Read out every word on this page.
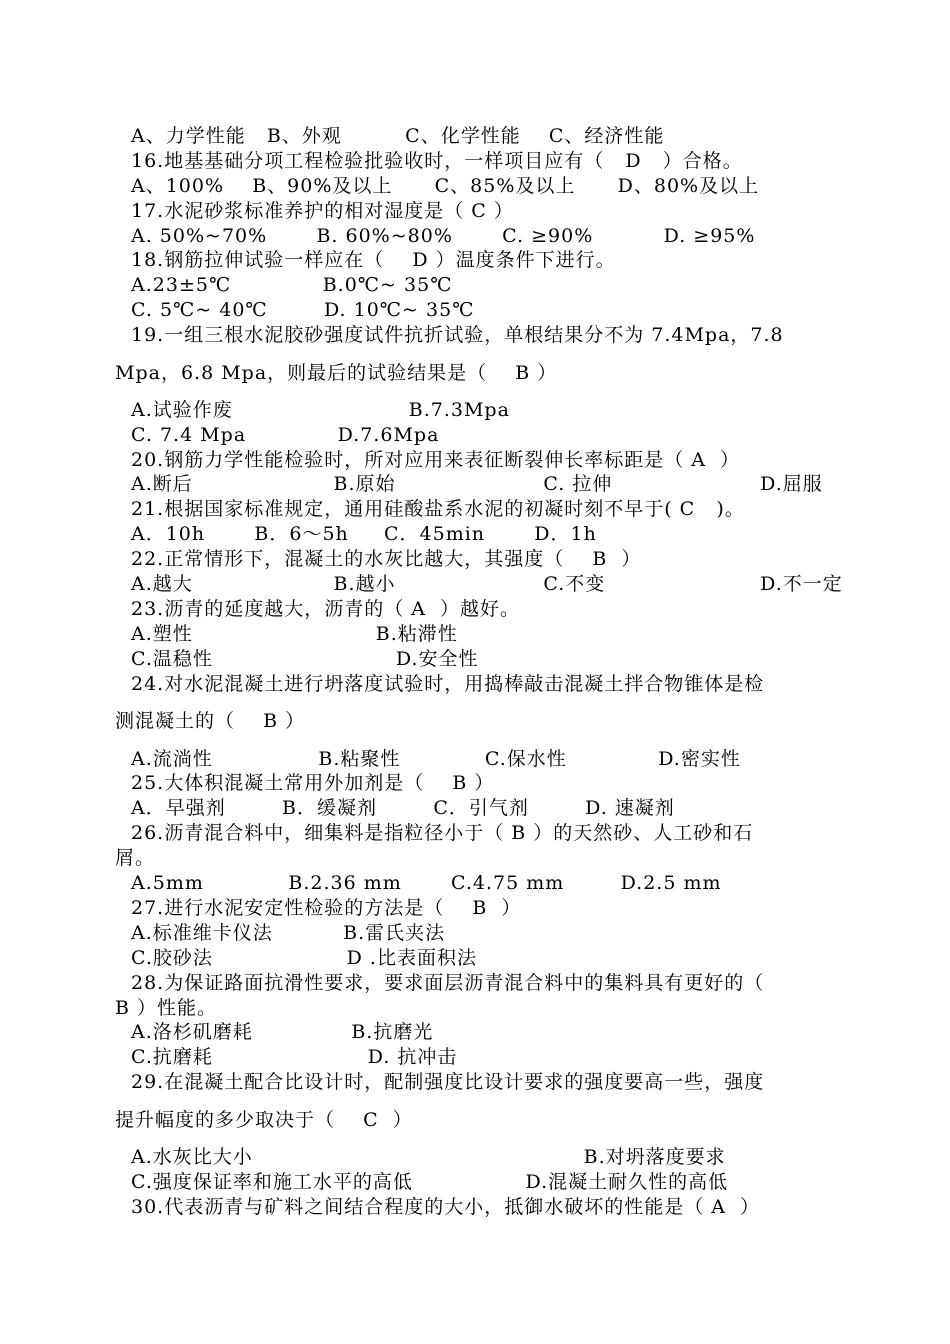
A、力学性能   B、外观         C、化学性能    C、经济性能
16.地基基础分项工程检验批验收时，一样项目应有（   D   ）合格。
A、100%    B、90%及以上      C、85%及以上      D、80%及以上
17.水泥砂浆标准养护的相对湿度是（ C ）
A. 50%~70%       B. 60%~80%       C. ≥90%          D. ≥95%
18.钢筋拉伸试验一样应在（    D ）温度条件下进行。
A.23±5℃             B.0℃~ 35℃
C. 5℃~ 40℃        D. 10℃~ 35℃
19.一组三根水泥胶砂强度试件抗折试验，单根结果分不为 7.4Mpa，7.8
Mpa，6.8 Mpa，则最后的试验结果是（    B ）
A.试验作废                         B.7.3Mpa
C. 7.4 Mpa             D.7.6Mpa
20.钢筋力学性能检验时，所对应用来表征断裂伸长率标距是（ A  ）
A.断后                    B.原始                     C. 拉伸                     D.屈服
21.根据国家标准规定，通用硅酸盐系水泥的初凝时刻不早于( C   )。
A．10h       B．6～5h     C．45min       D．1h
22.正常情形下，混凝土的水灰比越大，其强度（    B  ）
A.越大                    B.越小                     C.不变                      D.不一定
23.沥青的延度越大，沥青的（ A  ）越好。
A.塑性                          B.粘滞性
C.温稳性                          D.安全性
24.对水泥混凝土进行坍落度试验时，用捣棒敲击混凝土拌合物锥体是检
测混凝土的（    B ）
A.流淌性               B.粘聚性            C.保水性             D.密实性
25.大体积混凝土常用外加剂是（    B ）
A．早强剂        B．缓凝剂        C．引气剂        D. 速凝剂
26.沥青混合料中，细集料是指粒径小于（ B ）的天然砂、人工砂和石
屑。
A.5mm            B.2.36 mm       C.4.75 mm        D.2.5 mm
27.进行水泥安定性检验的方法是（    B  ）
A.标准维卡仪法          B.雷氏夹法
C.胶砂法                   D .比表面积法
28.为保证路面抗滑性要求，要求面层沥青混合料中的集料具有更好的（
B ）性能。
A.洛杉矶磨耗              B.抗磨光
C.抗磨耗                      D. 抗冲击
29.在混凝土配合比设计时，配制强度比设计要求的强度要高一些，强度
提升幅度的多少取决于（    C  ）
A.水灰比大小                                               B.对坍落度要求
C.强度保证率和施工水平的高低                D.混凝土耐久性的高低
30.代表沥青与矿料之间结合程度的大小，抵御水破坏的性能是（ A  ）
